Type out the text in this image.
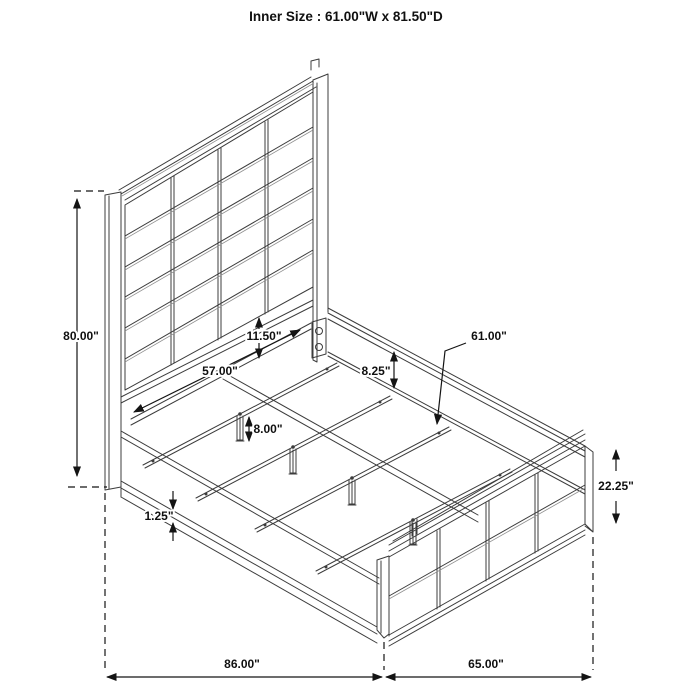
Inner Size : 61.00"W x 81.50"D
80.00"
57.00"
11.50"
8.25"
61.00"
8.00"
1.25"
22.25"
86.00"	65.00"
